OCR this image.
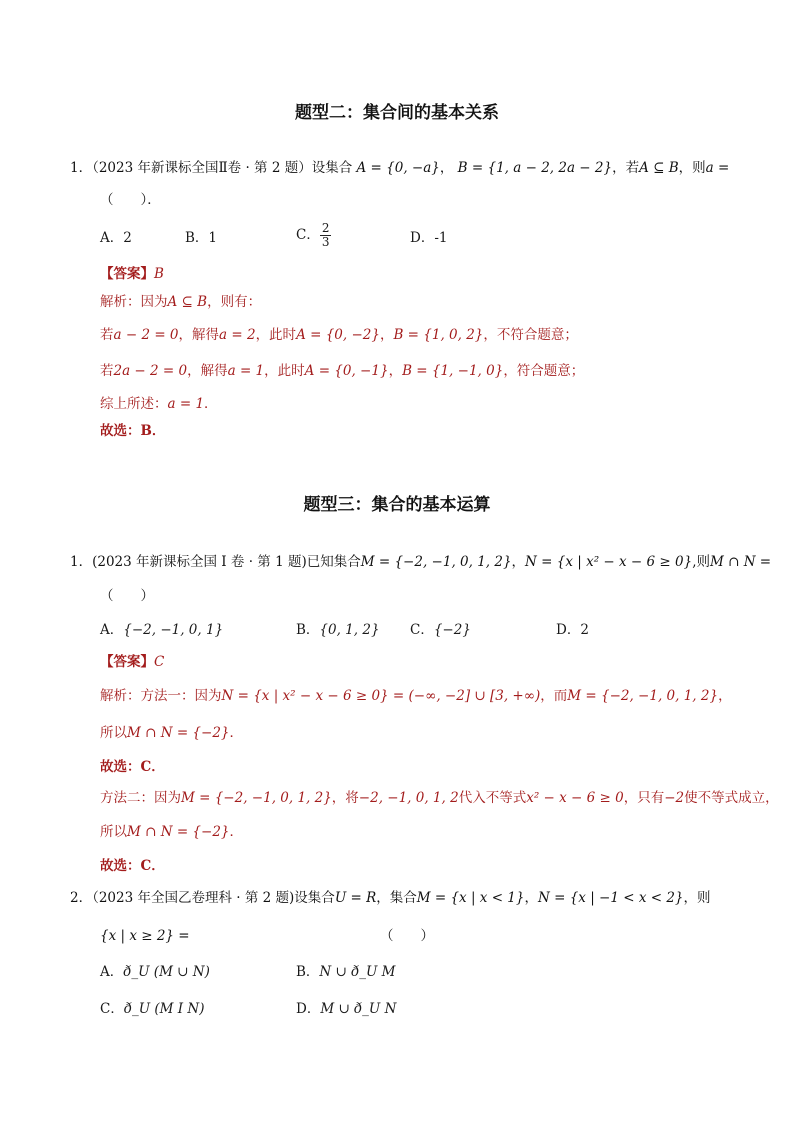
题型二：集合间的基本关系
1．（2023 年新课标全国Ⅱ卷 · 第 2 题）设集合 A = {0, −a}， B = {1, a − 2, 2a − 2}，若A ⊆ B，则a =
（　　）．
A．2	B．1	C． $\frac{2}{3}$	D．-1
【答案】B
解析：因为A ⊆ B，则有：
若a − 2 = 0，解得a = 2，此时A = {0, −2}，B = {1, 0, 2}，不符合题意；
若2a − 2 = 0，解得a = 1，此时A = {0, −1}，B = {1, −1, 0}，符合题意；
综上所述：a = 1．
故选：B．
题型三：集合的基本运算
1．(2023 年新课标全国 I 卷 · 第 1 题)已知集合M = {−2, −1, 0, 1, 2}，N = {x | x² − x − 6 ≥ 0},则M ∩ N =
（　　）
A．{−2, −1, 0, 1}	B．{0, 1, 2} C．{−2}	D．2
【答案】C
解析：方法一：因为N = {x | x² − x − 6 ≥ 0} = (−∞, −2] ∪ [3, +∞)，而M = {−2, −1, 0, 1, 2}，
所以M ∩ N = {−2}．
故选：C．
方法二：因为M = {−2, −1, 0, 1, 2}，将−2, −1, 0, 1, 2代入不等式x² − x − 6 ≥ 0，只有−2使不等式成立，
所以M ∩ N = {−2}．
故选：C．
2．（2023 年全国乙卷理科 · 第 2 题)设集合U = R，集合M = {x | x < 1}，N = {x | −1 < x < 2}，则
{x | x ≥ 2} =	（　　）
A．ð_U (M ∪ N)	B．N ∪ ð_U M
C．ð_U (M Ⅰ N)	D．M ∪ ð_U N
